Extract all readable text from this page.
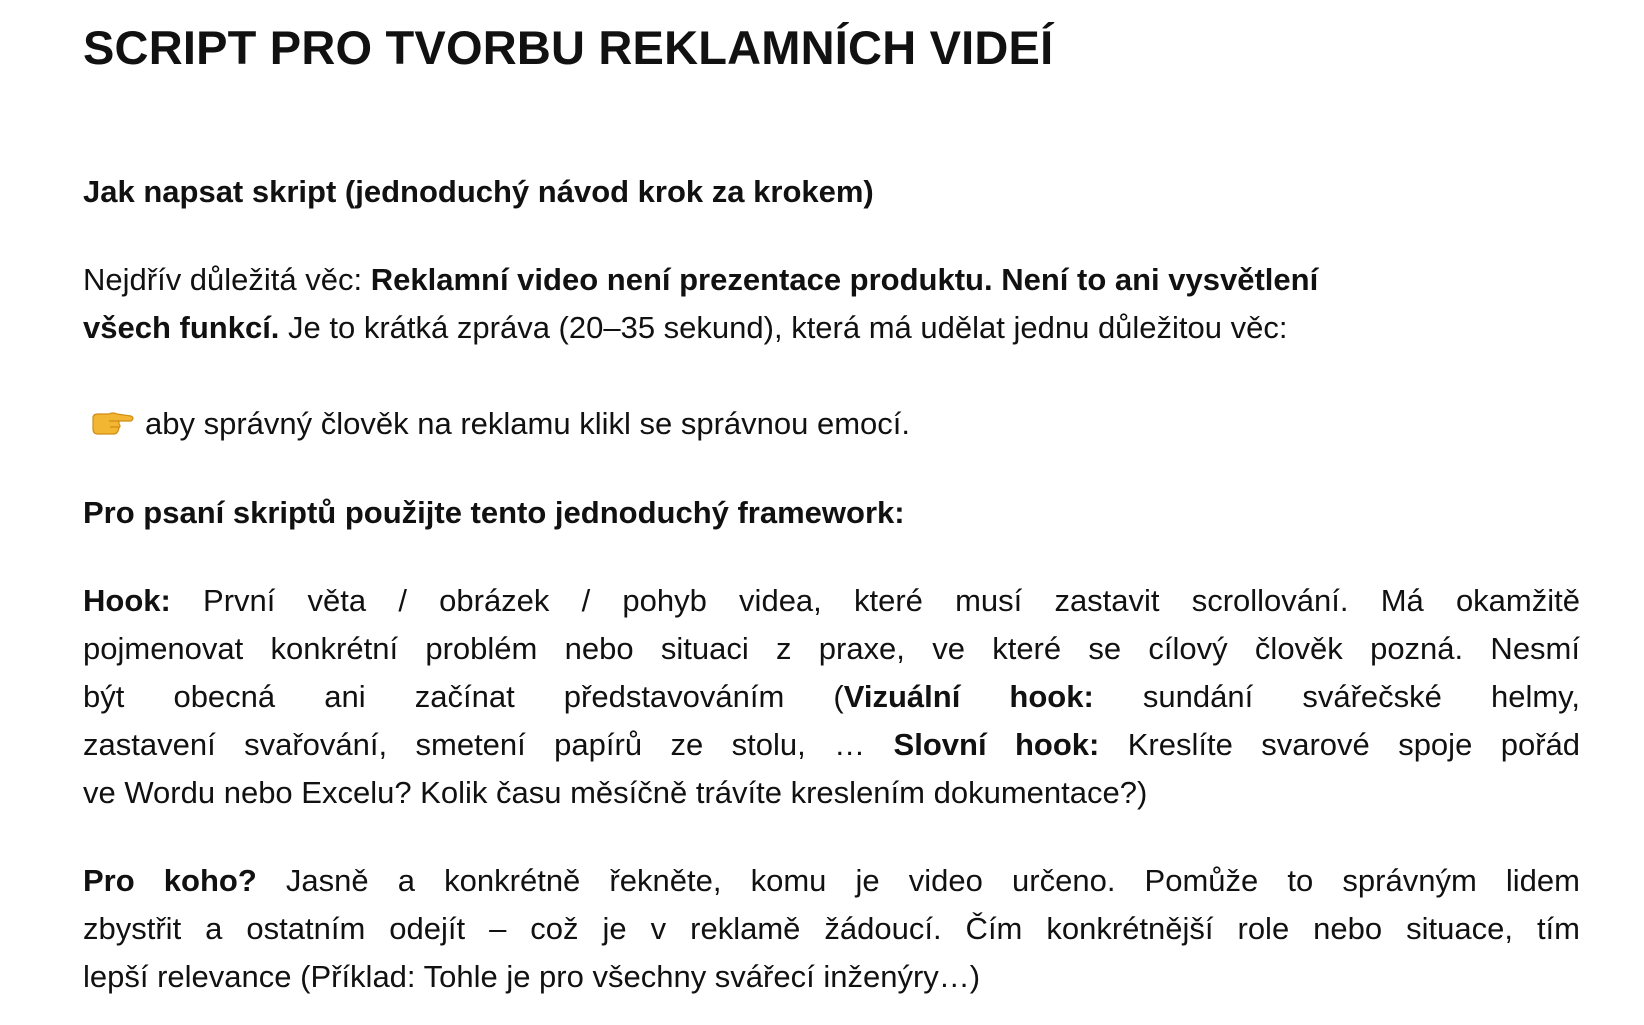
SCRIPT PRO TVORBU REKLAMNÍCH VIDEÍ
Jak napsat skript (jednoduchý návod krok za krokem)
Nejdřív důležitá věc: Reklamní video není prezentace produktu. Není to ani vysvětlení
všech funkcí. Je to krátká zpráva (20–35 sekund), která má udělat jednu důležitou věc:
aby správný člověk na reklamu klikl se správnou emocí.
Pro psaní skriptů použijte tento jednoduchý framework:
Hook: První věta / obrázek / pohyb videa, které musí zastavit scrollování. Má okamžitě
pojmenovat konkrétní problém nebo situaci z praxe, ve které se cílový člověk pozná. Nesmí
být obecná ani začínat představováním (Vizuální hook: sundání svářečské helmy,
zastavení svařování, smetení papírů ze stolu, … Slovní hook: Kreslíte svarové spoje pořád
ve Wordu nebo Excelu? Kolik času měsíčně trávíte kreslením dokumentace?)
Pro koho? Jasně a konkrétně řekněte, komu je video určeno. Pomůže to správným lidem
zbystřit a ostatním odejít – což je v reklamě žádoucí. Čím konkrétnější role nebo situace, tím
lepší relevance (Příklad: Tohle je pro všechny svářecí inženýry…)
